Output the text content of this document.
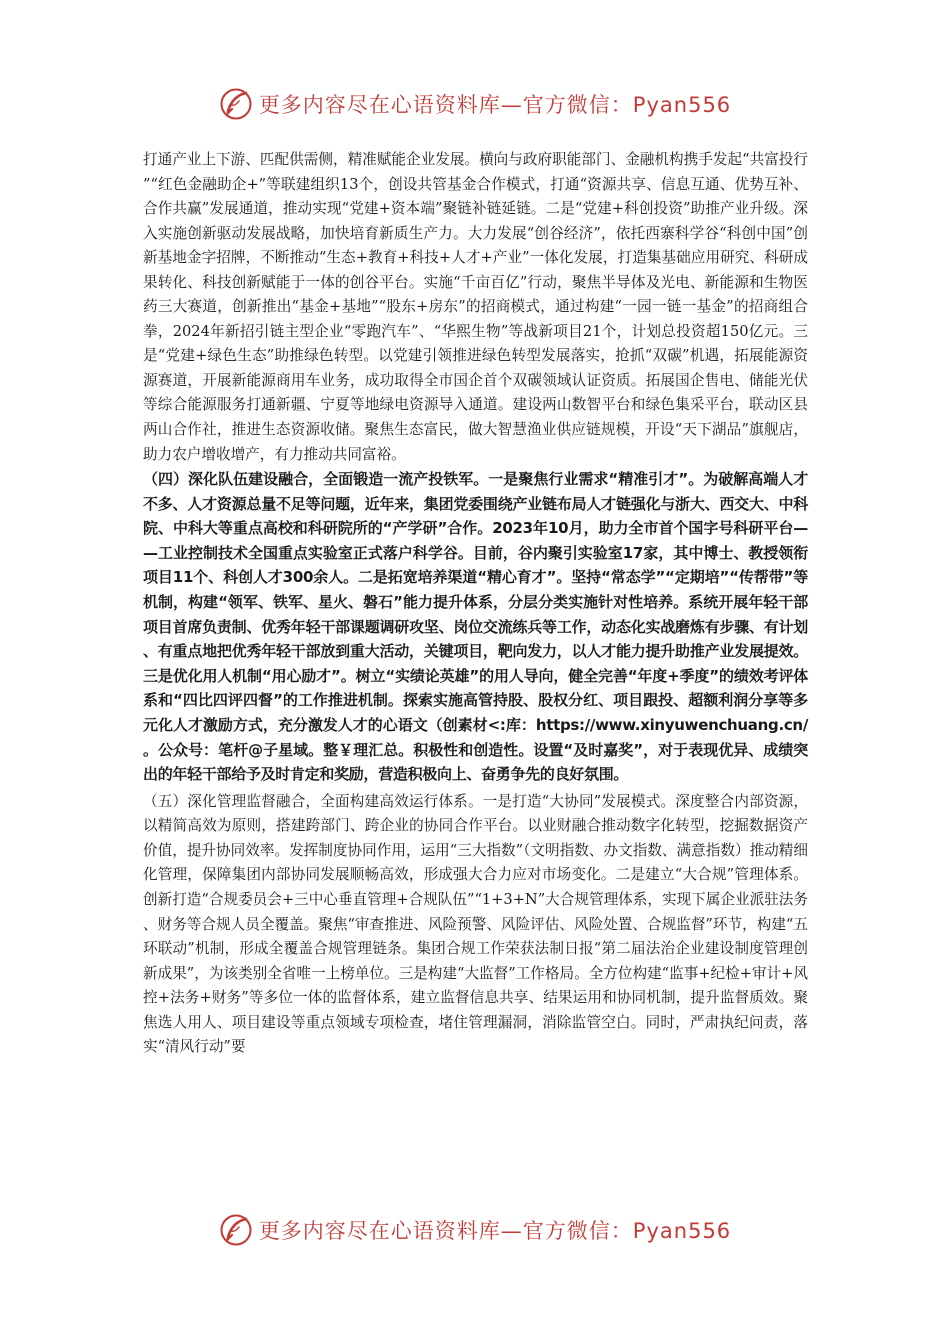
更多内容尽在心语资料库—官方微信：Pyan556

打通产业上下游、匹配供需侧，精准赋能企业发展。横向与政府职能部门、金融机构携手发起“共富投行”“红色金融助企+”等联建组织13个，创设共管基金合作模式，打通“资源共享、信息互通、优势互补、合作共赢”发展通道，推动实现“党建+资本端”聚链补链延链。二是“党建+科创投资”助推产业升级。深入实施创新驱动发展战略，加快培育新质生产力。大力发展“创谷经济”，依托西寨科学谷“科创中国”创新基地金字招牌，不断推动“生态+教育+科技+人才+产业”一体化发展，打造集基础应用研究、科研成果转化、科技创新赋能于一体的创谷平台。实施“千亩百亿”行动，聚焦半导体及光电、新能源和生物医药三大赛道，创新推出“基金+基地”“股东+房东”的招商模式，通过构建“一园一链一基金”的招商组合拳，2024年新招引链主型企业“零跑汽车”、“华熙生物”等战新项目21个，计划总投资超150亿元。三是“党建+绿色生态”助推绿色转型。以党建引领推进绿色转型发展落实，抢抓“双碳”机遇，拓展能源资源赛道，开展新能源商用车业务，成功取得全市国企首个双碳领域认证资质。拓展国企售电、储能光伏等综合能源服务打通新疆、宁夏等地绿电资源导入通道。建设两山数智平台和绿色集采平台，联动区县两山合作社，推进生态资源收储。聚焦生态富民，做大智慧渔业供应链规模，开设“天下湖品”旗舰店，助力农户增收增产，有力推动共同富裕。

（四）深化队伍建设融合，全面锻造一流产投铁军。一是聚焦行业需求“精准引才”。为破解高端人才不多、人才资源总量不足等问题，近年来，集团党委围绕产业链布局人才链强化与浙大、西交大、中科院、中科大等重点高校和科研院所的“产学研”合作。2023年10月，助力全市首个国字号科研平台——工业控制技术全国重点实验室正式落户科学谷。目前，谷内聚引实验室17家，其中博士、教授领衔项目11个、科创人才300余人。二是拓宽培养渠道“精心育才”。坚持“常态学”“定期培”“传帮带”等机制，构建“领军、铁军、星火、磐石”能力提升体系，分层分类实施针对性培养。系统开展年轻干部项目首席负责制、优秀年轻干部课题调研攻坚、岗位交流练兵等工作，动态化实战磨炼有步骤、有计划、有重点地把优秀年轻干部放到重大活动，关键项目，靶向发力，以人才能力提升助推产业发展提效。三是优化用人机制“用心励才”。树立“实绩论英雄”的用人导向，健全完善“年度+季度”的绩效考评体系和“四比四评四督”的工作推进机制。探索实施高管持股、股权分红、项目跟投、超额利润分享等多元化人才激励方式，充分激发人才的心语文（创素材<:库：https://www.xinyuwenchuang.cn/。公众号：笔杆@子星域。整￥理汇总。积极性和创造性。设置“及时嘉奖”，对于表现优异、成绩突出的年轻干部给予及时肯定和奖励，营造积极向上、奋勇争先的良好氛围。

（五）深化管理监督融合，全面构建高效运行体系。一是打造“大协同”发展模式。深度整合内部资源，以精简高效为原则，搭建跨部门、跨企业的协同合作平台。以业财融合推动数字化转型，挖掘数据资产价值，提升协同效率。发挥制度协同作用，运用“三大指数”（文明指数、办文指数、满意指数）推动精细化管理，保障集团内部协同发展顺畅高效，形成强大合力应对市场变化。二是建立“大合规”管理体系。创新打造“合规委员会+三中心垂直管理+合规队伍”“1+3+N”大合规管理体系，实现下属企业派驻法务、财务等合规人员全覆盖。聚焦“审查推进、风险预警、风险评估、风险处置、合规监督”环节，构建“五环联动”机制，形成全覆盖合规管理链条。集团合规工作荣获法制日报“第二届法治企业建设制度管理创新成果”，为该类别全省唯一上榜单位。三是构建“大监督”工作格局。全方位构建“监事+纪检+审计+风控+法务+财务”等多位一体的监督体系，建立监督信息共享、结果运用和协同机制，提升监督质效。聚焦选人用人、项目建设等重点领域专项检查，堵住管理漏洞，消除监管空白。同时，严肃执纪问责，落实“清风行动”要

更多内容尽在心语资料库—官方微信：Pyan556
